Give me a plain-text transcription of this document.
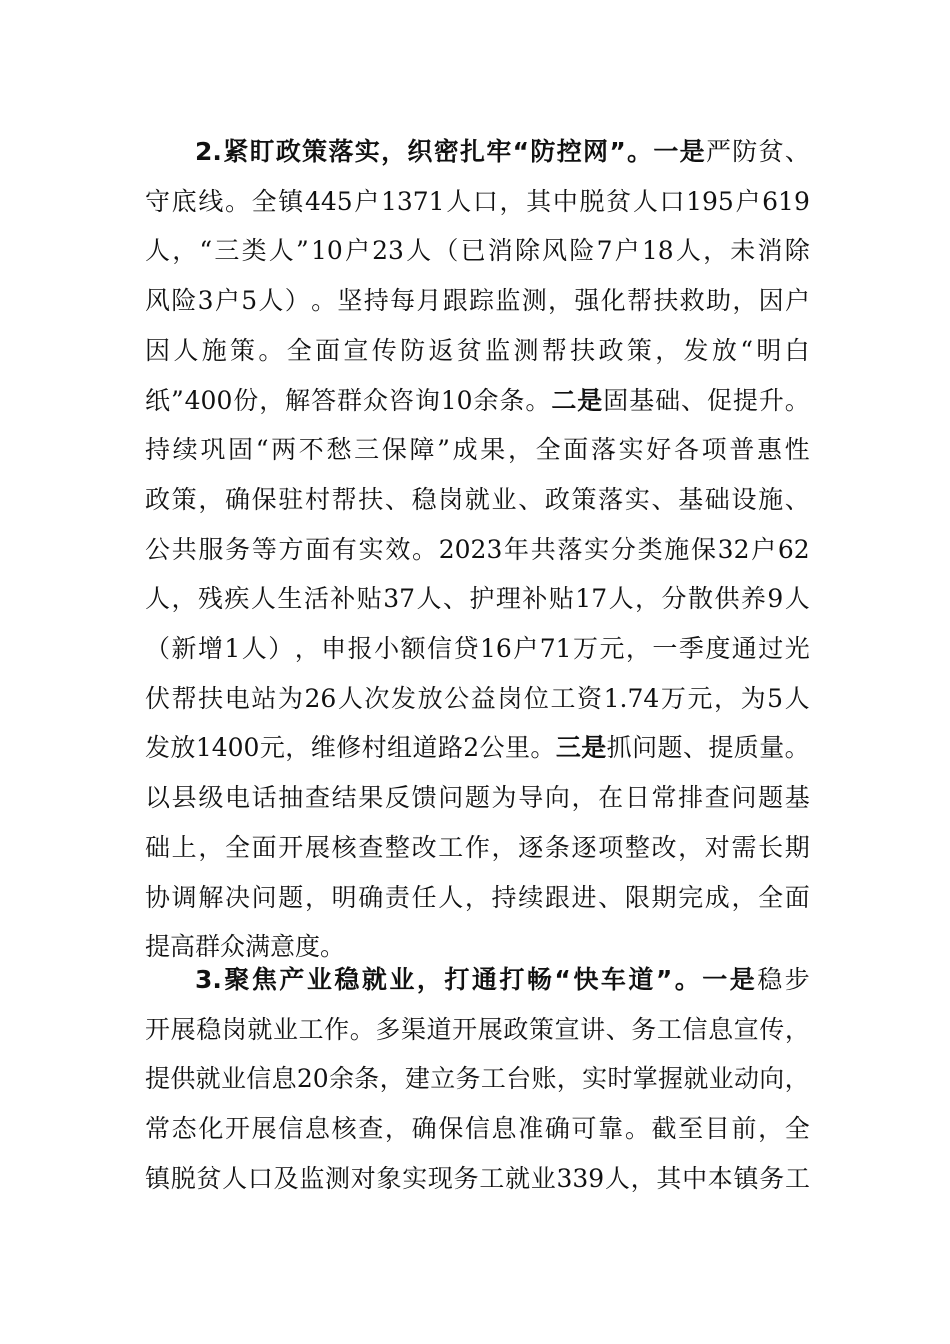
2. 紧 盯 政 策 落 实 ， 织 密 扎 牢 “ 防 控 网 ” 。 一 是 严 防 贫 、
守 底 线 。 全 镇 445 户 1371 人 口 ， 其 中 脱 贫 人 口 195 户 619
人 ， “ 三 类 人 ” 10 户 23 人 （ 已 消 除 风 险 7 户 18 人 ， 未 消 除
风 险 3 户 5 人 ） 。 坚 持 每 月 跟 踪 监 测 ， 强 化 帮 扶 救 助 ， 因 户
因 人 施 策 。 全 面 宣 传 防 返 贫 监 测 帮 扶 政 策 ， 发 放 “ 明 白
纸 ” 400 份 ， 解 答 群 众 咨 询 10 余 条 。 二 是 固 基 础 、 促 提 升 。
持 续 巩 固 “ 两 不 愁 三 保 障 ” 成 果 ， 全 面 落 实 好 各 项 普 惠 性
政 策 ， 确 保 驻 村 帮 扶 、 稳 岗 就 业 、 政 策 落 实 、 基 础 设 施 、
公 共 服 务 等 方 面 有 实 效 。 2023 年 共 落 实 分 类 施 保 32 户 62
人 ， 残 疾 人 生 活 补 贴 37 人 、 护 理 补 贴 17 人 ， 分 散 供 养 9 人
（ 新 增 1 人 ） ， 申 报 小 额 信 贷 16 户 71 万 元 ， 一 季 度 通 过 光
伏 帮 扶 电 站 为 26 人 次 发 放 公 益 岗 位 工 资 1.74 万 元 ， 为 5 人
发 放 1400 元 ， 维 修 村 组 道 路 2 公 里 。 三 是 抓 问 题 、 提 质 量 。
以 县 级 电 话 抽 查 结 果 反 馈 问 题 为 导 向 ， 在 日 常 排 查 问 题 基
础 上 ， 全 面 开 展 核 查 整 改 工 作 ， 逐 条 逐 项 整 改 ， 对 需 长 期
协 调 解 决 问 题 ， 明 确 责 任 人 ， 持 续 跟 进 、 限 期 完 成 ， 全 面
提高群众满意度。
3. 聚 焦 产 业 稳 就 业 ， 打 通 打 畅 “ 快 车 道 ” 。 一 是 稳 步
开 展 稳 岗 就 业 工 作 。 多 渠 道 开 展 政 策 宣 讲 、 务 工 信 息 宣 传 ，
提 供 就 业 信 息 20 余 条 ， 建 立 务 工 台 账 ， 实 时 掌 握 就 业 动 向 ，
常 态 化 开 展 信 息 核 查 ， 确 保 信 息 准 确 可 靠 。 截 至 目 前 ， 全
镇 脱 贫 人 口 及 监 测 对 象 实 现 务 工 就 业 339 人 ， 其 中 本 镇 务 工
